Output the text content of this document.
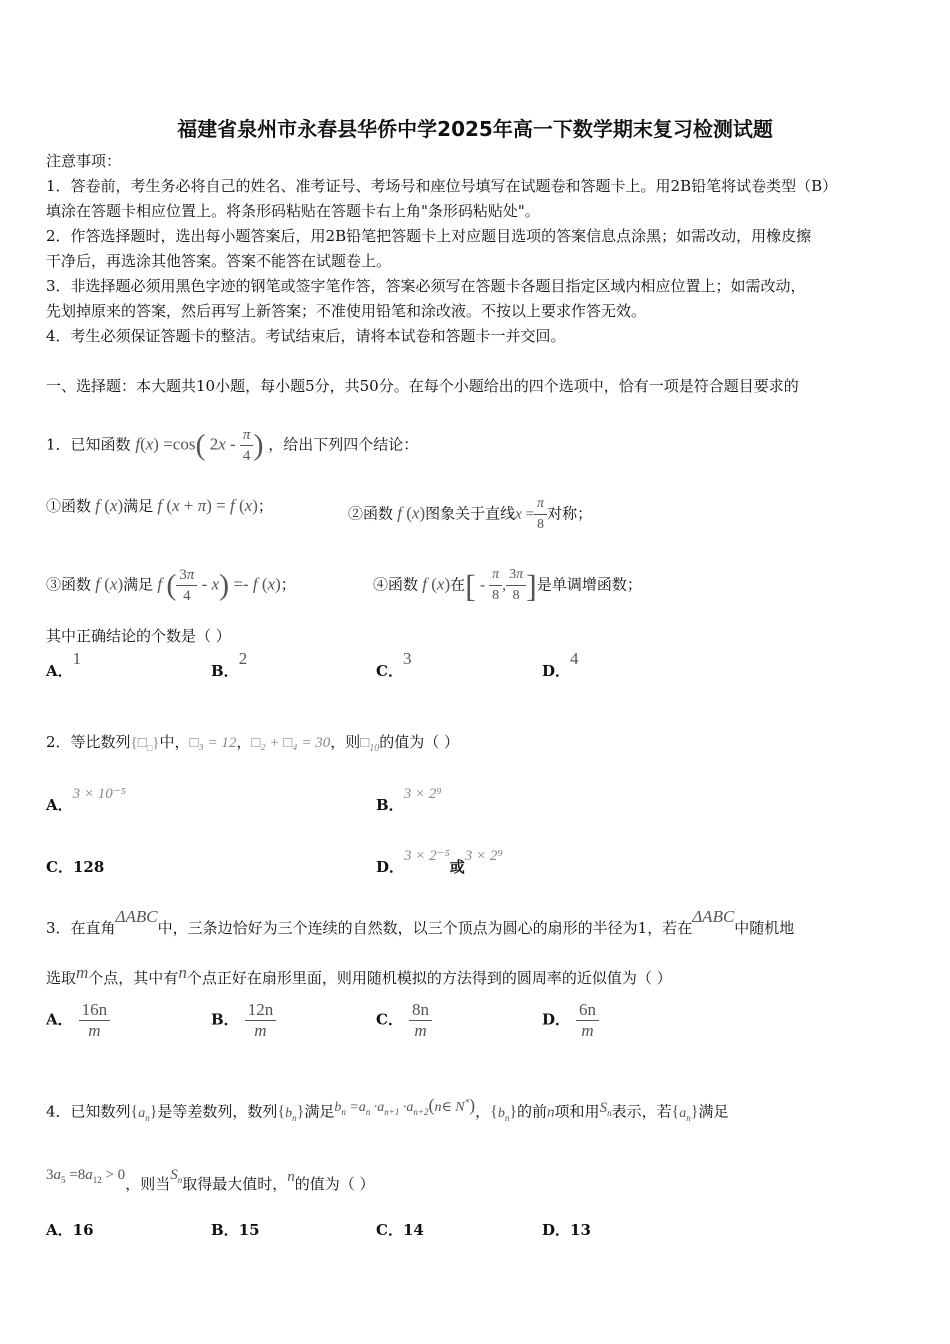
福建省泉州市永春县华侨中学2025年高一下数学期末复习检测试题
注意事项：
1．答卷前，考生务必将自己的姓名、准考证号、考场号和座位号填写在试题卷和答题卡上。用2B铅笔将试卷类型（B）
填涂在答题卡相应位置上。将条形码粘贴在答题卡右上角"条形码粘贴处"。
2．作答选择题时，选出每小题答案后，用2B铅笔把答题卡上对应题目选项的答案信息点涂黑；如需改动，用橡皮擦
干净后，再选涂其他答案。答案不能答在试题卷上。
3．非选择题必须用黑色字迹的钢笔或签字笔作答，答案必须写在答题卡各题目指定区域内相应位置上；如需改动，
先划掉原来的答案，然后再写上新答案；不准使用铅笔和涂改液。不按以上要求作答无效。
4．考生必须保证答题卡的整洁。考试结束后，请将本试卷和答题卡一并交回。
一、选择题：本大题共10小题，每小题5分，共50分。在每个小题给出的四个选项中，恰有一项是符合题目要求的
1．已知函数 f(x) =cos( $2x - \frac{\pi}{4}$ ) ，给出下列四个结论：
①函数 f (x)满足 f (x + π) = f (x)；	②函数 f (x)图象关于直线$x = \frac{\pi}{8}$ 对称；
③函数 f (x)满足 f ( $\frac{3\pi}{4} - x) =- f$ (x)；	④函数 f (x)在[ - $\frac{\pi}{8}$ , $\frac{3\pi}{8}$ ]是单调增函数；
其中正确结论的个数是（ ）
A．1
B．2
C．3
D．4
2．等比数列$\{□_□\}$中，□₃ = 12，□₂ + □₄ = 30，则$□_{10}$的值为（ ）
A．3 × 10⁻⁵
B．3 × 2⁹
C．128	D．3 × 2⁻⁵或3 × 2⁹
3．在直角ΔABC中，三条边恰好为三个连续的自然数，以三个顶点为圆心的扇形的半径为1，若在ΔABC中随机地
选取m个点，其中有n个点正好在扇形里面，则用随机模拟的方法得到的圆周率的近似值为（ ）
A． $\frac{16n}{m}$	B． $\frac{12n}{m}$	C． $\frac{8n}{m}$	D． $\frac{6n}{m}$
4．已知数列$\{a_n\}$是等差数列，数列$\{b_n\}$满足$b_n =a_n \cdot a_{n+1}$ $\cdot a_{n+2}(n\in$ N*)，$\{b_n\}$的前n项和用$S_n$表示，若$\{a_n\}$满足
$3a_5 =8a_{12} > 0$，则当$S_n$取得最大值时，n的值为（ ）
A．16	B．15	C．14	D．13
